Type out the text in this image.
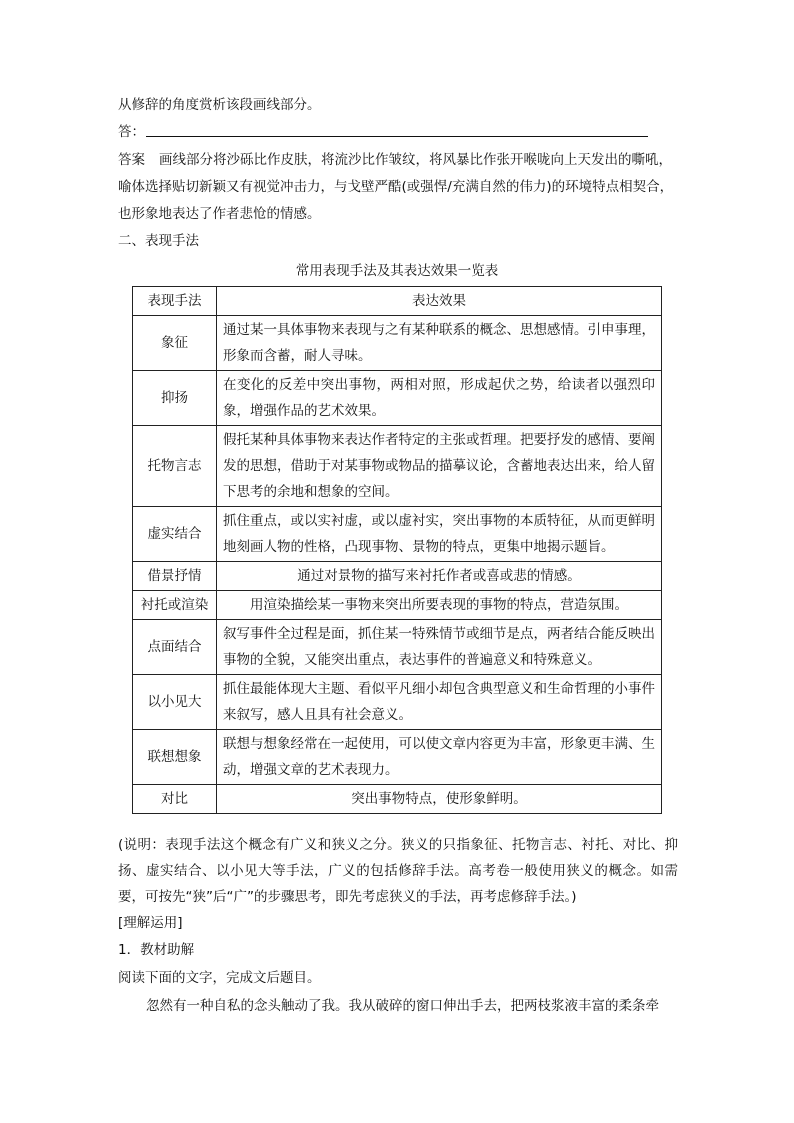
从修辞的角度赏析该段画线部分。
答：
答案 画线部分将沙砾比作皮肤，将流沙比作皱纹，将风暴比作张开喉咙向上天发出的嘶吼，
喻体选择贴切新颖又有视觉冲击力，与戈壁严酷(或强悍/充满自然的伟力)的环境特点相契合，
也形象地表达了作者悲怆的情感。
二、表现手法
常用表现手法及其表达效果一览表
表现手法	表达效果
象征	通过某一具体事物来表现与之有某种联系的概念、思想感情。引申事理，形象而含蓄，耐人寻味。
抑扬	在变化的反差中突出事物，两相对照，形成起伏之势，给读者以强烈印象，增强作品的艺术效果。
托物言志	假托某种具体事物来表达作者特定的主张或哲理。把要抒发的感情、要阐发的思想，借助于对某事物或物品的描摹议论，含蓄地表达出来，给人留下思考的余地和想象的空间。
虚实结合	抓住重点，或以实衬虚，或以虚衬实，突出事物的本质特征，从而更鲜明地刻画人物的性格，凸现事物、景物的特点，更集中地揭示题旨。
借景抒情	通过对景物的描写来衬托作者或喜或悲的情感。
衬托或渲染	用渲染描绘某一事物来突出所要表现的事物的特点，营造氛围。
点面结合	叙写事件全过程是面，抓住某一特殊情节或细节是点，两者结合能反映出事物的全貌，又能突出重点，表达事件的普遍意义和特殊意义。
以小见大	抓住最能体现大主题、看似平凡细小却包含典型意义和生命哲理的小事件来叙写，感人且具有社会意义。
联想想象	联想与想象经常在一起使用，可以使文章内容更为丰富，形象更丰满、生动，增强文章的艺术表现力。
对比	突出事物特点，使形象鲜明。
(说明：表现手法这个概念有广义和狭义之分。狭义的只指象征、托物言志、衬托、对比、抑扬、虚实结合、以小见大等手法，广义的包括修辞手法。高考卷一般使用狭义的概念。如需要，可按先“狭”后“广”的步骤思考，即先考虑狭义的手法，再考虑修辞手法。)
[理解运用]
1．教材助解
阅读下面的文字，完成文后题目。
忽然有一种自私的念头触动了我。我从破碎的窗口伸出手去，把两枝浆液丰富的柔条牵
